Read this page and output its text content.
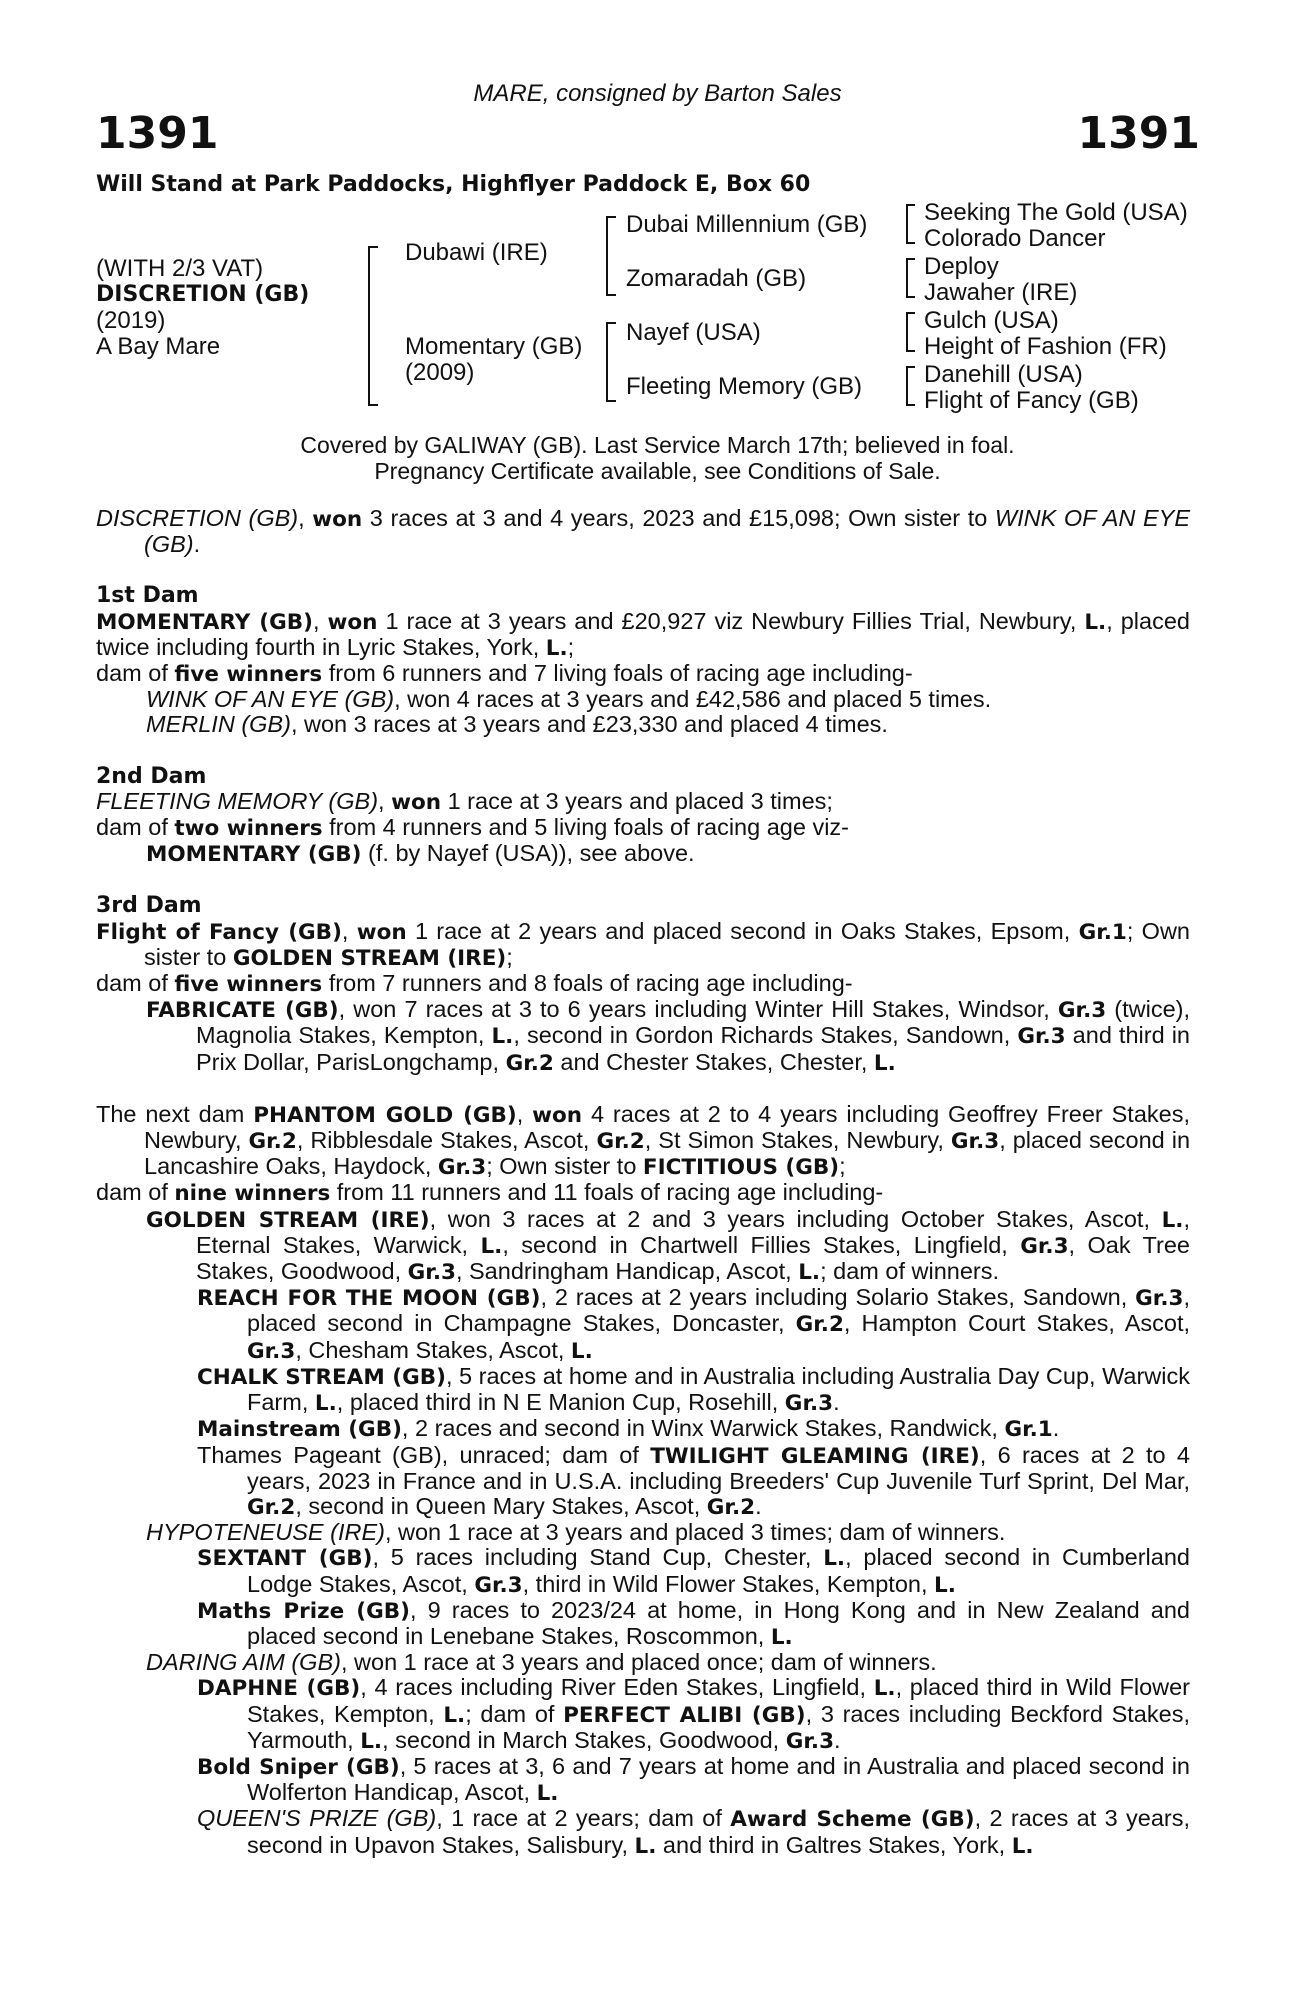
MARE, consigned by Barton Sales
1391	1391
Will Stand at Park Paddocks, Highflyer Paddock E, Box 60
(WITH 2/3 VAT)
DISCRETION (GB)
(2019)
A Bay Mare
Dubawi (IRE)
Momentary (GB)
(2009)
Dubai Millennium (GB)
Zomaradah (GB)
Nayef (USA)
Fleeting Memory (GB)
Seeking The Gold (USA)
Colorado Dancer
Deploy
Jawaher (IRE)
Gulch (USA)
Height of Fashion (FR)
Danehill (USA)
Flight of Fancy (GB)
Covered by GALIWAY (GB). Last Service March 17th; believed in foal.
Pregnancy Certificate available, see Conditions of Sale.

DISCRETION (GB), won 3 races at 3 and 4 years, 2023 and £15,098; Own sister to WINK OF AN EYE (GB).

1st Dam

MOMENTARY (GB), won 1 race at 3 years and £20,927 viz Newbury Fillies Trial, Newbury, L., placed twice including fourth in Lyric Stakes, York, L.;

dam of five winners from 6 runners and 7 living foals of racing age including-

WINK OF AN EYE (GB), won 4 races at 3 years and £42,586 and placed 5 times.

MERLIN (GB), won 3 races at 3 years and £23,330 and placed 4 times.

2nd Dam

FLEETING MEMORY (GB), won 1 race at 3 years and placed 3 times;

dam of two winners from 4 runners and 5 living foals of racing age viz-

MOMENTARY (GB) (f. by Nayef (USA)), see above.

3rd Dam

Flight of Fancy (GB), won 1 race at 2 years and placed second in Oaks Stakes, Epsom, Gr.1; Own sister to GOLDEN STREAM (IRE);

dam of five winners from 7 runners and 8 foals of racing age including-

FABRICATE (GB), won 7 races at 3 to 6 years including Winter Hill Stakes, Windsor, Gr.3 (twice), Magnolia Stakes, Kempton, L., second in Gordon Richards Stakes, Sandown, Gr.3 and third in Prix Dollar, ParisLongchamp, Gr.2 and Chester Stakes, Chester, L.

The next dam PHANTOM GOLD (GB), won 4 races at 2 to 4 years including Geoffrey Freer Stakes, Newbury, Gr.2, Ribblesdale Stakes, Ascot, Gr.2, St Simon Stakes, Newbury, Gr.3, placed second in Lancashire Oaks, Haydock, Gr.3; Own sister to FICTITIOUS (GB);

dam of nine winners from 11 runners and 11 foals of racing age including-

GOLDEN STREAM (IRE), won 3 races at 2 and 3 years including October Stakes, Ascot, L., Eternal Stakes, Warwick, L., second in Chartwell Fillies Stakes, Lingfield, Gr.3, Oak Tree Stakes, Goodwood, Gr.3, Sandringham Handicap, Ascot, L.; dam of winners.

REACH FOR THE MOON (GB), 2 races at 2 years including Solario Stakes, Sandown, Gr.3, placed second in Champagne Stakes, Doncaster, Gr.2, Hampton Court Stakes, Ascot, Gr.3, Chesham Stakes, Ascot, L.

CHALK STREAM (GB), 5 races at home and in Australia including Australia Day Cup, Warwick Farm, L., placed third in N E Manion Cup, Rosehill, Gr.3.

Mainstream (GB), 2 races and second in Winx Warwick Stakes, Randwick, Gr.1.

Thames Pageant (GB), unraced; dam of TWILIGHT GLEAMING (IRE), 6 races at 2 to 4 years, 2023 in France and in U.S.A. including Breeders' Cup Juvenile Turf Sprint, Del Mar, Gr.2, second in Queen Mary Stakes, Ascot, Gr.2.

HYPOTENEUSE (IRE), won 1 race at 3 years and placed 3 times; dam of winners.

SEXTANT (GB), 5 races including Stand Cup, Chester, L., placed second in Cumberland Lodge Stakes, Ascot, Gr.3, third in Wild Flower Stakes, Kempton, L.

Maths Prize (GB), 9 races to 2023/24 at home, in Hong Kong and in New Zealand and placed second in Lenebane Stakes, Roscommon, L.

DARING AIM (GB), won 1 race at 3 years and placed once; dam of winners.

DAPHNE (GB), 4 races including River Eden Stakes, Lingfield, L., placed third in Wild Flower Stakes, Kempton, L.; dam of PERFECT ALIBI (GB), 3 races including Beckford Stakes, Yarmouth, L., second in March Stakes, Goodwood, Gr.3.

Bold Sniper (GB), 5 races at 3, 6 and 7 years at home and in Australia and placed second in Wolferton Handicap, Ascot, L.

QUEEN'S PRIZE (GB), 1 race at 2 years; dam of Award Scheme (GB), 2 races at 3 years, second in Upavon Stakes, Salisbury, L. and third in Galtres Stakes, York, L.
